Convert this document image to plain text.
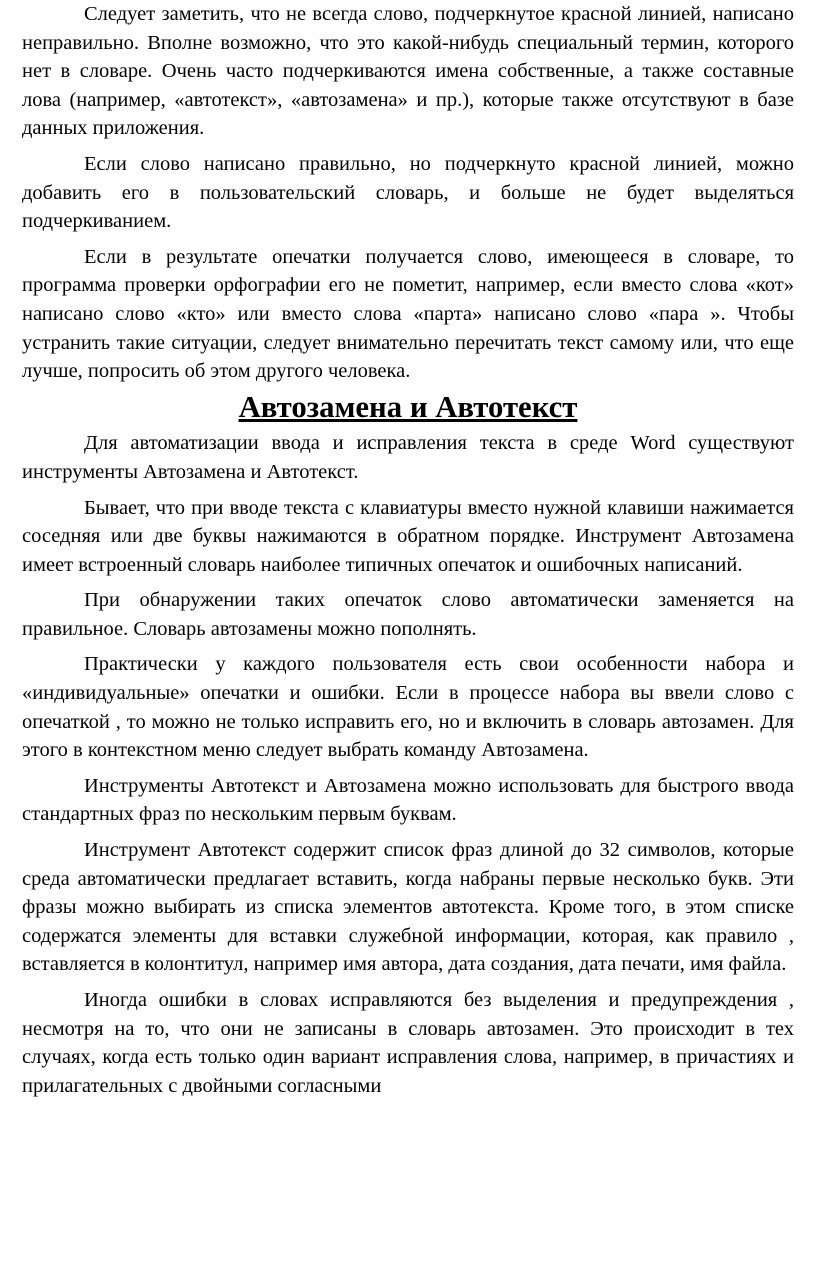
Следует заметить, что не всегда слово, подчеркнутое красной линией, написано неправильно. Вполне возможно, что это какой-нибудь специальный термин, которого нет в словаре. Очень часто подчеркиваются имена собственные, а также составные лова (например, «автотекст», «автозамена» и пр.), которые также отсутствуют в базе данных приложения.

Если слово написано правильно, но подчеркнуто красной линией, можно добавить его в пользовательский словарь, и больше не будет выделяться подчеркиванием.

Если в результате опечатки получается слово, имеющееся в словаре, то программа проверки орфографии его не пометит, например, если вместо слова «кот» написано слово «кто» или вместо слова «парта» написано слово «пара ». Чтобы устранить такие ситуации, следует внимательно перечитать текст самому или, что еще лучше, попросить об этом другого человека.

Автозамена и Автотекст

Для автоматизации ввода и исправления текста в среде Word существуют инструменты Автозамена и Автотекст.

Бывает, что при вводе текста с клавиатуры вместо нужной клавиши нажимается соседняя или две буквы нажимаются в обратном порядке. Инструмент Автозамена имеет встроенный словарь наиболее типичных опечаток и ошибочных написаний.

При обнаружении таких опечаток слово автоматически заменяется на правильное. Словарь автозамены можно пополнять.

Практически у каждого пользователя есть свои особенности набора и «индивидуальные» опечатки и ошибки. Если в процессе набора вы ввели слово с опечаткой , то можно не только исправить его, но и включить в словарь автозамен. Для этого в контекстном меню следует выбрать команду Автозамена.

Инструменты Автотекст и Автозамена можно использовать для быстрого ввода стандартных фраз по нескольким первым буквам.

Инструмент Автотекст содержит список фраз длиной до 32 символов, которые среда автоматически предлагает вставить, когда набраны первые несколько букв. Эти фразы можно выбирать из списка элементов автотекста. Кроме того, в этом списке содержатся элементы для вставки служебной информации, которая, как правило , вставляется в колонтитул, например имя автора, дата создания, дата печати, имя файла.

Иногда ошибки в словах исправляются без выделения и предупреждения , несмотря на то, что они не записаны в словарь автозамен. Это происходит в тех случаях, когда есть только один вариант исправления слова, например, в причастиях и прилагательных с двойными согласными
